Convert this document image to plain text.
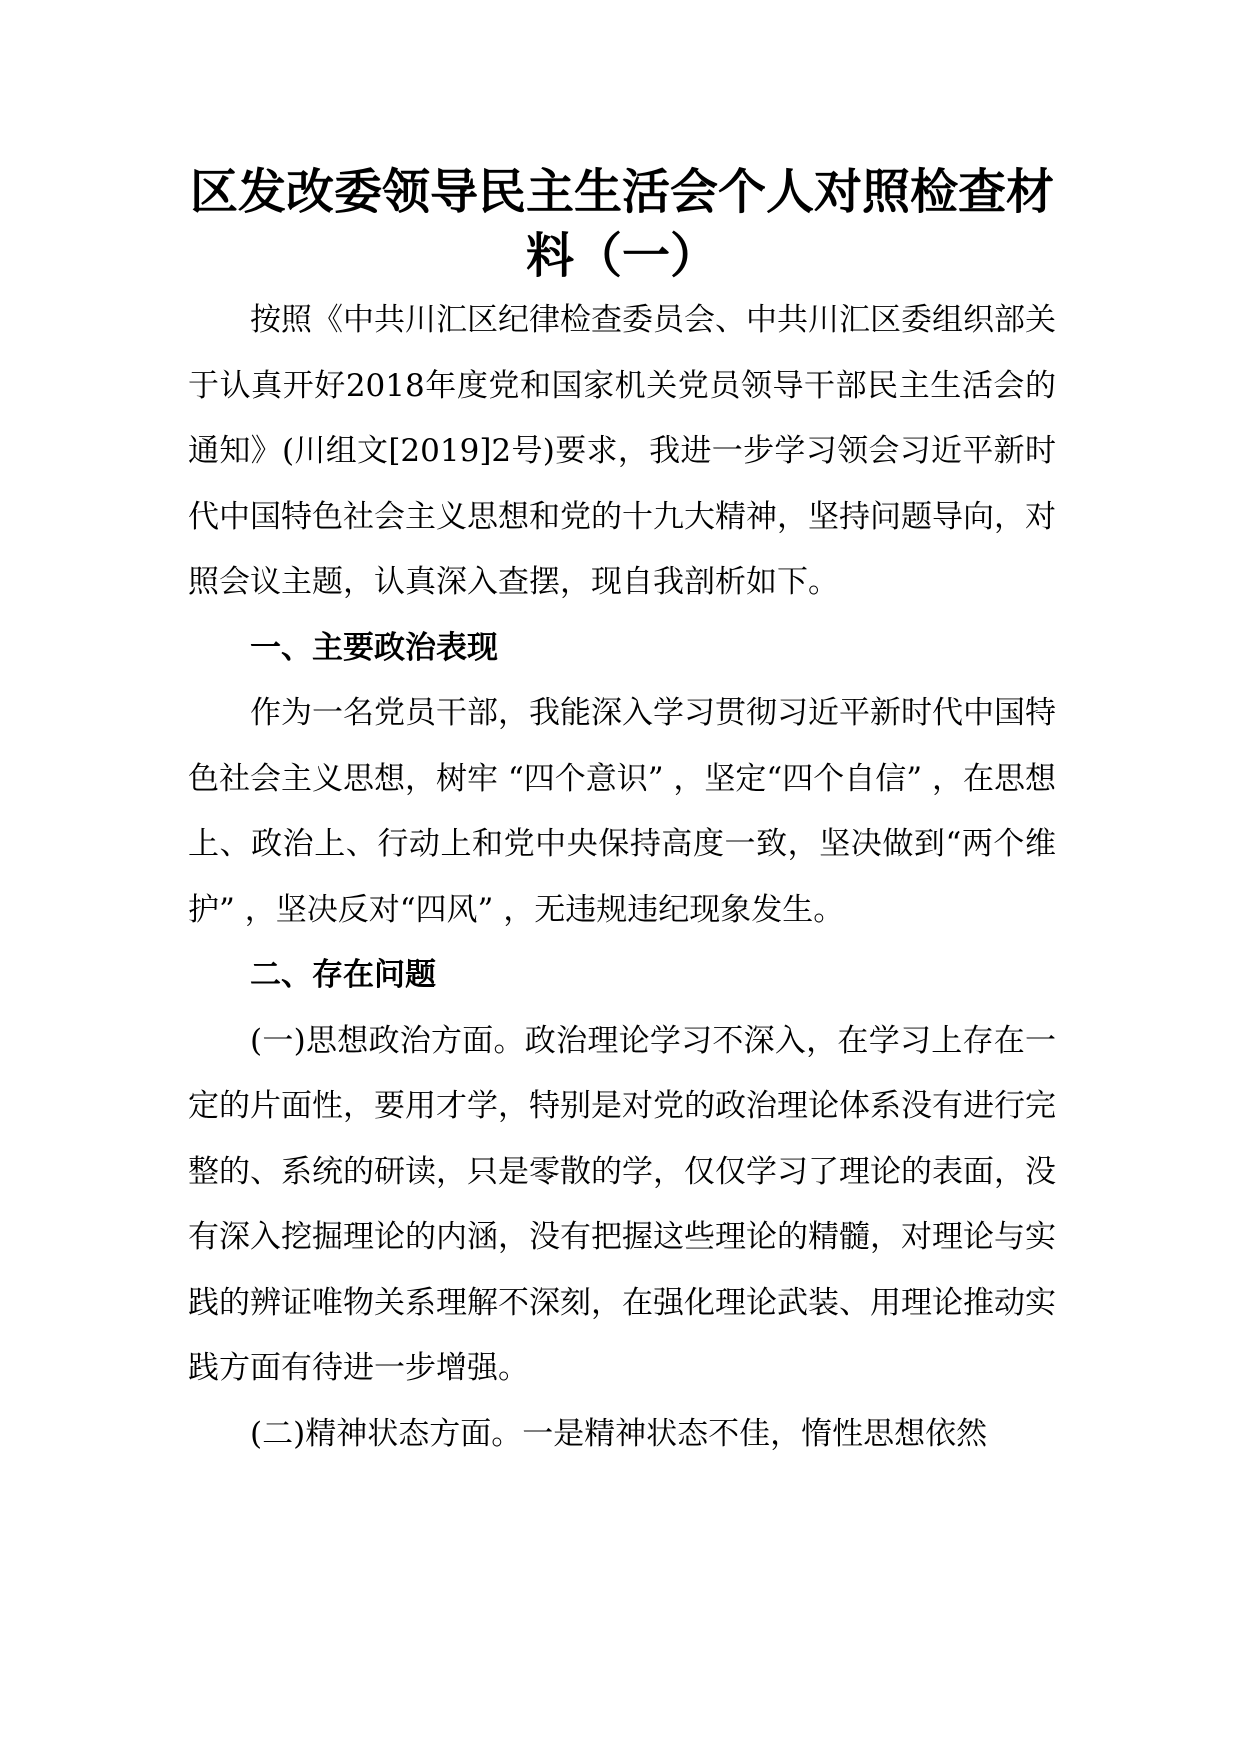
区发改委领导民主生活会个人对照检查材料（一）

按照《中共川汇区纪律检查委员会、中共川汇区委组织部关于认真开好2018年度党和国家机关党员领导干部民主生活会的通知》(川组文[2019]2号)要求，我进一步学习领会习近平新时代中国特色社会主义思想和党的十九大精神，坚持问题导向，对照会议主题，认真深入查摆，现自我剖析如下。

一、主要政治表现

作为一名党员干部，我能深入学习贯彻习近平新时代中国特色社会主义思想，树牢 “四个意识” ，坚定“四个自信” ，在思想上、政治上、行动上和党中央保持高度一致，坚决做到“两个维护” ，坚决反对“四风” ，无违规违纪现象发生。

二、存在问题

(一)思想政治方面。政治理论学习不深入，在学习上存在一定的片面性，要用才学，特别是对党的政治理论体系没有进行完整的、系统的研读，只是零散的学，仅仅学习了理论的表面，没有深入挖掘理论的内涵，没有把握这些理论的精髓，对理论与实践的辨证唯物关系理解不深刻，在强化理论武装、用理论推动实践方面有待进一步增强。

(二)精神状态方面。一是精神状态不佳，惰性思想依然
